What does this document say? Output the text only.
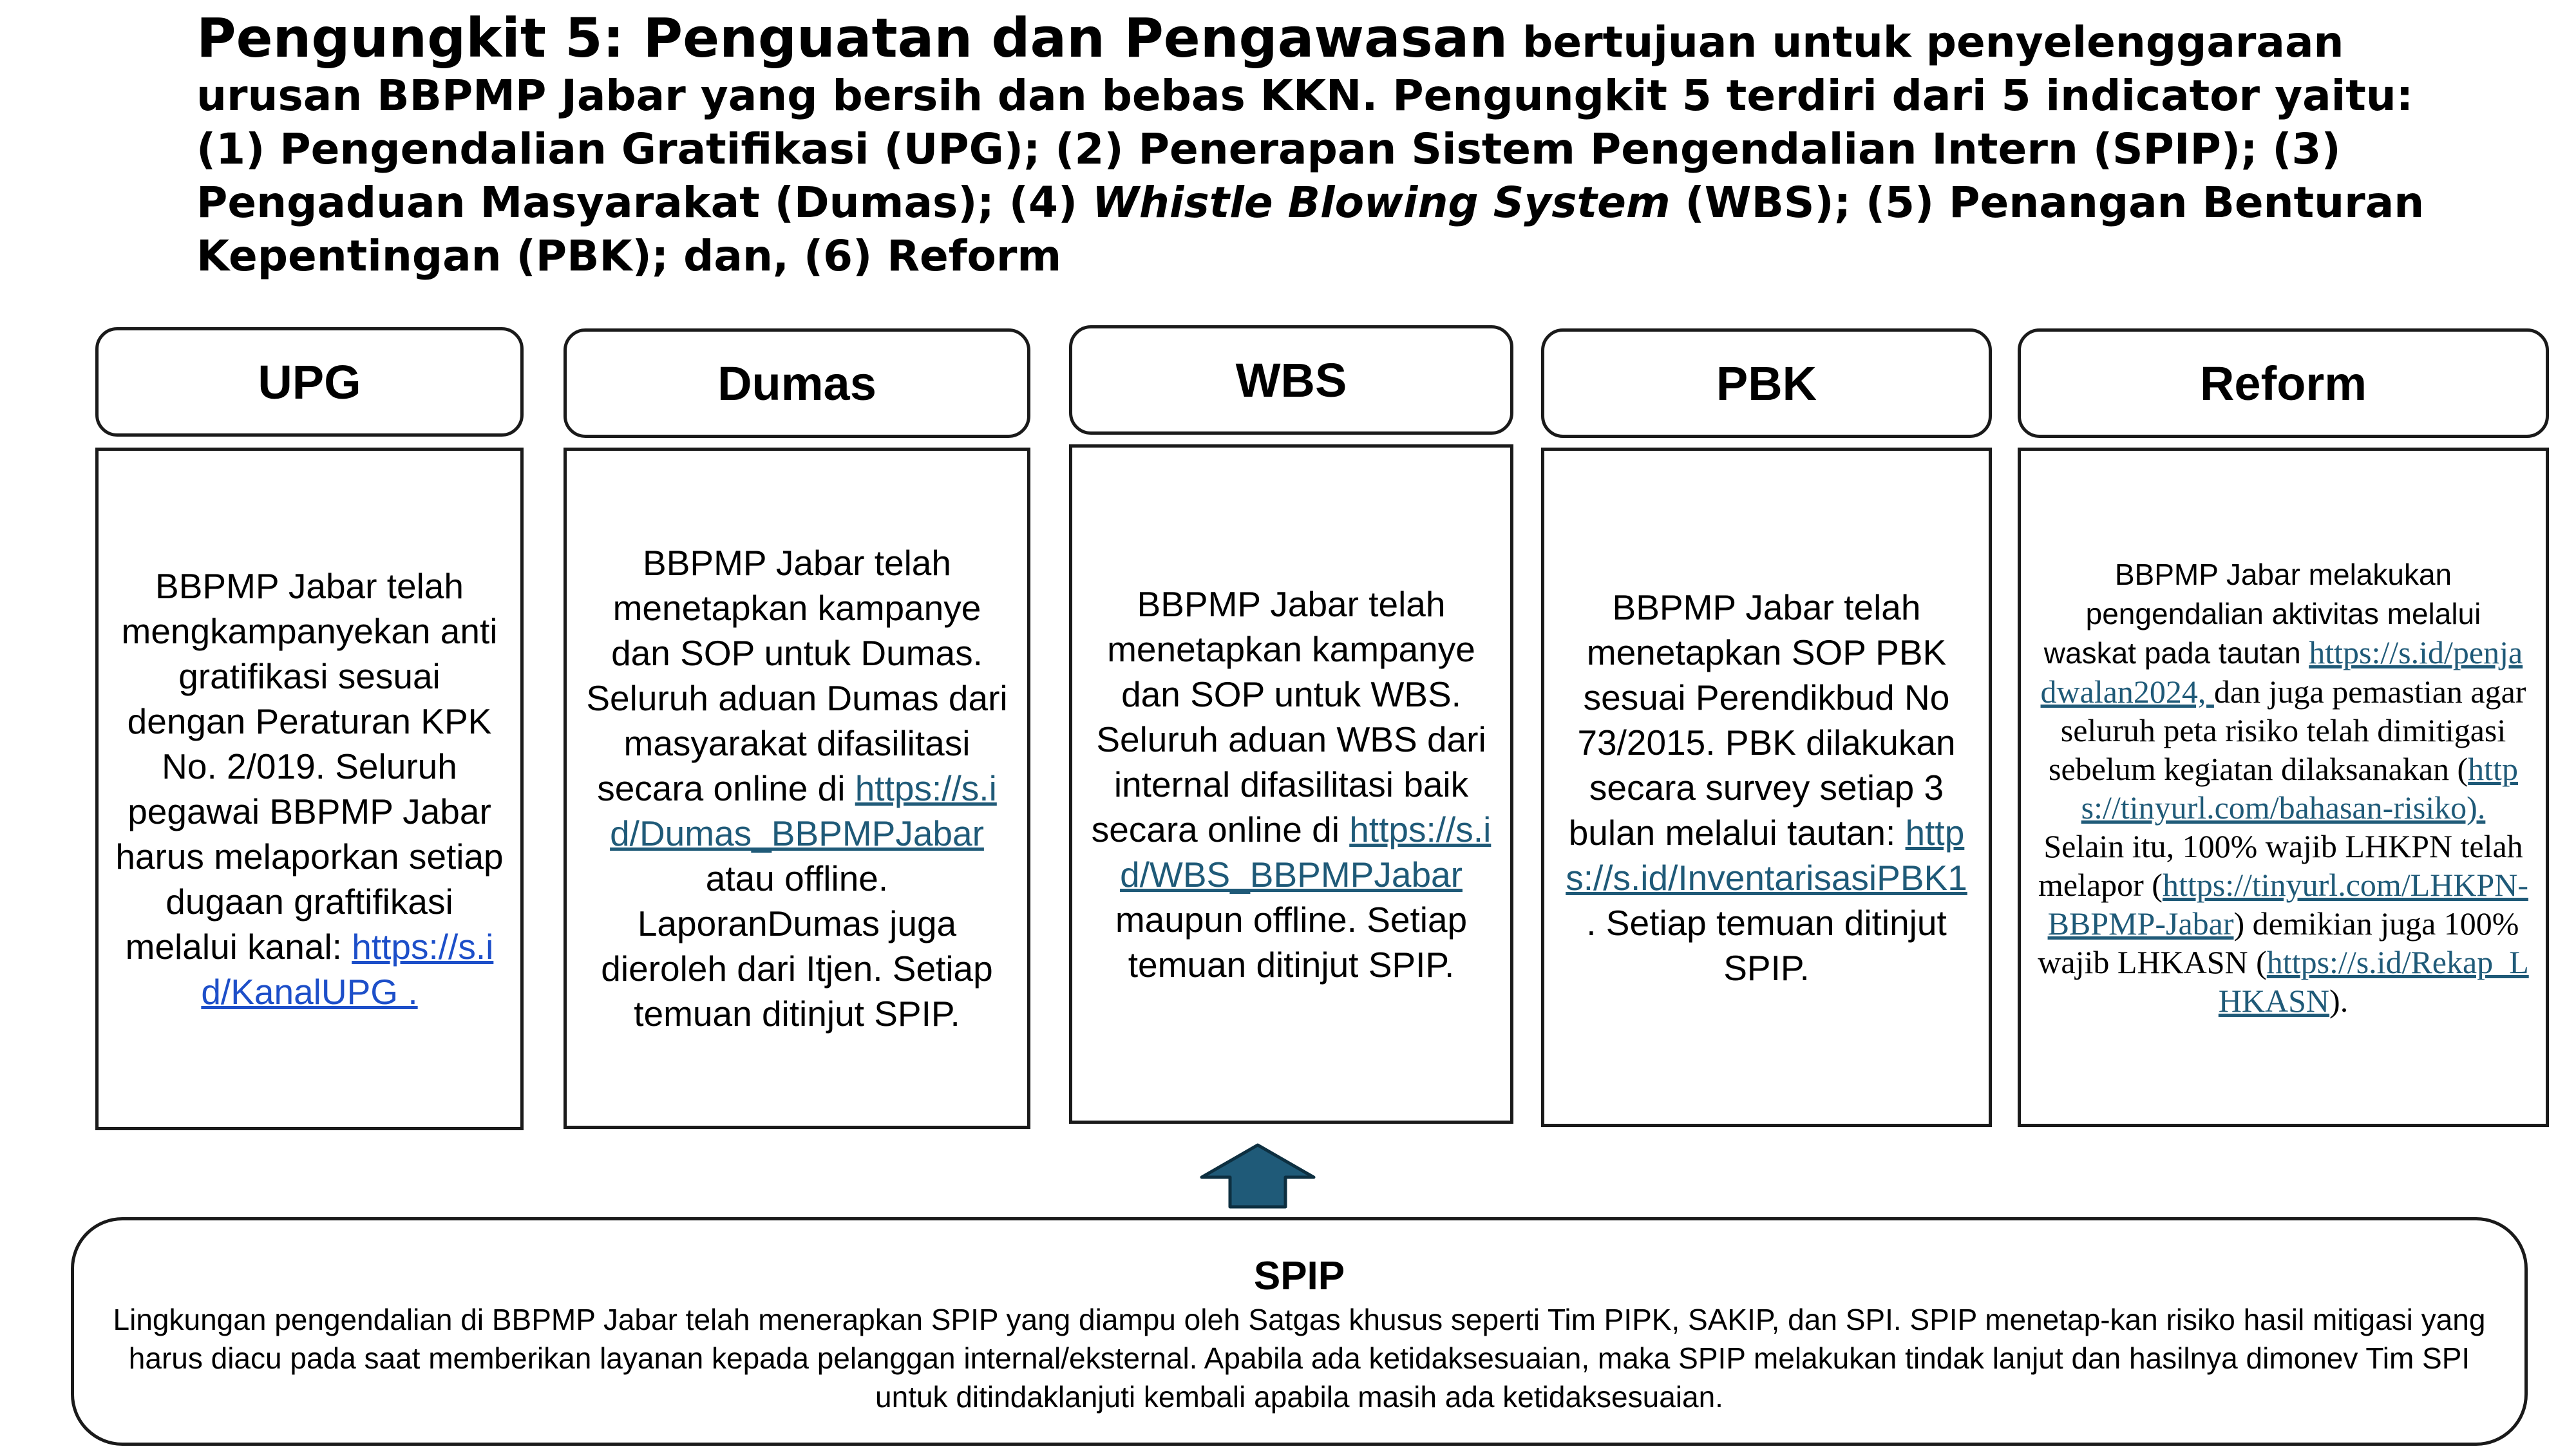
Pengungkit 5: Penguatan dan Pengawasan bertujuan untuk penyelenggaraan urusan BBPMP Jabar yang bersih dan bebas KKN. Pengungkit 5 terdiri dari 5 indicator yaitu: (1) Pengendalian Gratifikasi (UPG); (2) Penerapan Sistem Pengendalian Intern (SPIP); (3) Pengaduan Masyarakat (Dumas); (4) Whistle Blowing System (WBS); (5) Penangan Benturan Kepentingan (PBK); dan, (6) Reform
UPG
BBPMP Jabar telah mengkampanyekan anti gratifikasi sesuai dengan Peraturan KPK No. 2/019. Seluruh pegawai BBPMP Jabar harus melaporkan setiap dugaan graftifikasi melalui kanal: https://s.id/KanalUPG .
Dumas
BBPMP Jabar telah menetapkan kampanye dan SOP untuk Dumas. Seluruh aduan Dumas dari masyarakat difasilitasi secara online di https://s.id/Dumas_BBPMPJabar atau offline. LaporanDumas juga dieroleh dari Itjen. Setiap temuan ditinjut SPIP.
WBS
BBPMP Jabar telah menetapkan kampanye dan SOP untuk WBS. Seluruh aduan WBS dari internal difasilitasi baik secara online di https://s.id/WBS_BBPMPJabar maupun offline. Setiap temuan ditinjut SPIP.
PBK
BBPMP Jabar telah menetapkan SOP PBK sesuai Perendikbud No 73/2015. PBK dilakukan secara survey setiap 3 bulan melalui tautan: https://s.id/InventarisasiPBK1 . Setiap temuan ditinjut SPIP.
Reform
BBPMP Jabar melakukan pengendalian aktivitas melalui waskat pada tautan https://s.id/penjadwalan2024, dan juga pemastian agar seluruh peta risiko telah dimitigasi sebelum kegiatan dilaksanakan (https://tinyurl.com/bahasan-risiko). Selain itu, 100% wajib LHKPN telah melapor (https://tinyurl.com/LHKPN-BBPMP-Jabar) demikian juga 100% wajib LHKASN (https://s.id/Rekap_LHKASN).
SPIP
Lingkungan pengendalian di BBPMP Jabar telah menerapkan SPIP yang diampu oleh Satgas khusus seperti Tim PIPK, SAKIP, dan SPI. SPIP menetap-kan risiko hasil mitigasi yang harus diacu pada saat memberikan layanan kepada pelanggan internal/eksternal. Apabila ada ketidaksesuaian, maka SPIP melakukan tindak lanjut dan hasilnya dimonev Tim SPI untuk ditindaklanjuti kembali apabila masih ada ketidaksesuaian.
